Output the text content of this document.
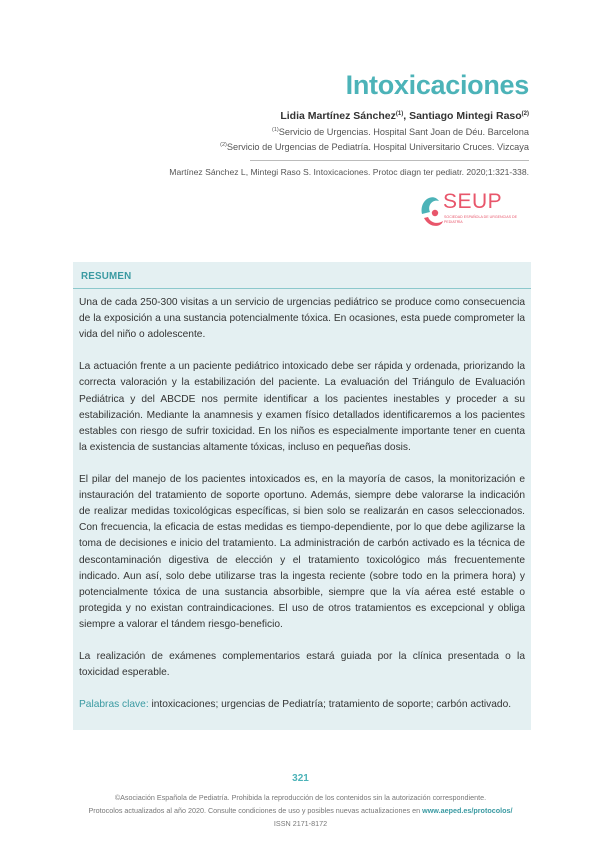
Intoxicaciones
Lidia Martínez Sánchez$^{(1)}$, Santiago Mintegi Raso$^{(2)}$
$^{(1)}$Servicio de Urgencias. Hospital Sant Joan de Déu. Barcelona
$^{(2)}$Servicio de Urgencias de Pediatría. Hospital Universitario Cruces. Vizcaya
Martínez Sánchez L, Mintegi Raso S. Intoxicaciones. Protoc diagn ter pediatr. 2020;1:321-338.
SEUP
SOCIEDAD ESPAÑOLA DE URGENCIAS DE PEDIATRÍA
RESUMEN

Una de cada 250-300 visitas a un servicio de urgencias pediátrico se produce como consecuencia de la exposición a una sustancia potencialmente tóxica. En ocasiones, esta puede comprometer la vida del niño o adolescente.

La actuación frente a un paciente pediátrico intoxicado debe ser rápida y ordenada, priorizando la correcta valoración y la estabilización del paciente. La evaluación del Triángulo de Evaluación Pediátrica y del ABCDE nos permite identificar a los pacientes inestables y proceder a su estabilización. Mediante la anamnesis y examen físico detallados identificaremos a los pacientes estables con riesgo de sufrir toxicidad. En los niños es especialmente importante tener en cuenta la existencia de sustancias altamente tóxicas, incluso en pequeñas dosis.

El pilar del manejo de los pacientes intoxicados es, en la mayoría de casos, la monitorización e instauración del tratamiento de soporte oportuno. Además, siempre debe valorarse la indicación de realizar medidas toxicológicas específicas, si bien solo se realizarán en casos seleccionados. Con frecuencia, la eficacia de estas medidas es tiempo-dependiente, por lo que debe agilizarse la toma de decisiones e inicio del tratamiento. La administración de carbón activado es la técnica de descontaminación digestiva de elección y el tratamiento toxicológico más frecuentemente indicado. Aun así, solo debe utilizarse tras la ingesta reciente (sobre todo en la primera hora) y potencialmente tóxica de una sustancia absorbible, siempre que la vía aérea esté estable o protegida y no existan contraindicaciones. El uso de otros tratamientos es excepcional y obliga siempre a valorar el tándem riesgo-beneficio.

La realización de exámenes complementarios estará guiada por la clínica presentada o la toxicidad esperable.

Palabras clave: intoxicaciones; urgencias de Pediatría; tratamiento de soporte; carbón activado.

321
©Asociación Española de Pediatría. Prohibida la reproducción de los contenidos sin la autorización correspondiente.
Protocolos actualizados al año 2020. Consulte condiciones de uso y posibles nuevas actualizaciones en www.aeped.es/protocolos/
ISSN 2171-8172
